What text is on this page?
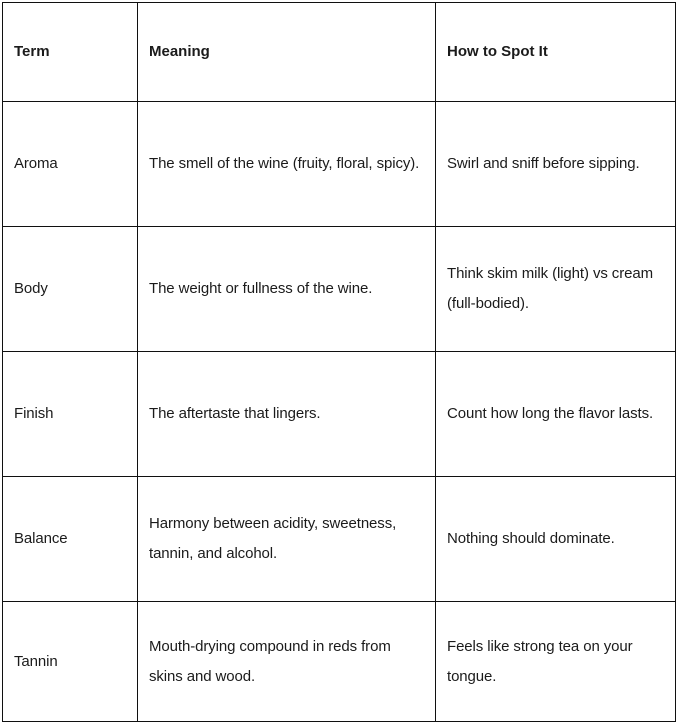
Term	Meaning	How to Spot It

Aroma	The smell of the wine (fruity, floral, spicy).	Swirl and sniff before sipping.

Body	The weight or fullness of the wine.	Think skim milk (light) vs cream (full-bodied).

Finish	The aftertaste that lingers.	Count how long the flavor lasts.

Balance	Harmony between acidity, sweetness, tannin, and alcohol.	Nothing should dominate.

Tannin	Mouth-drying compound in reds from skins and wood.	Feels like strong tea on your tongue.
